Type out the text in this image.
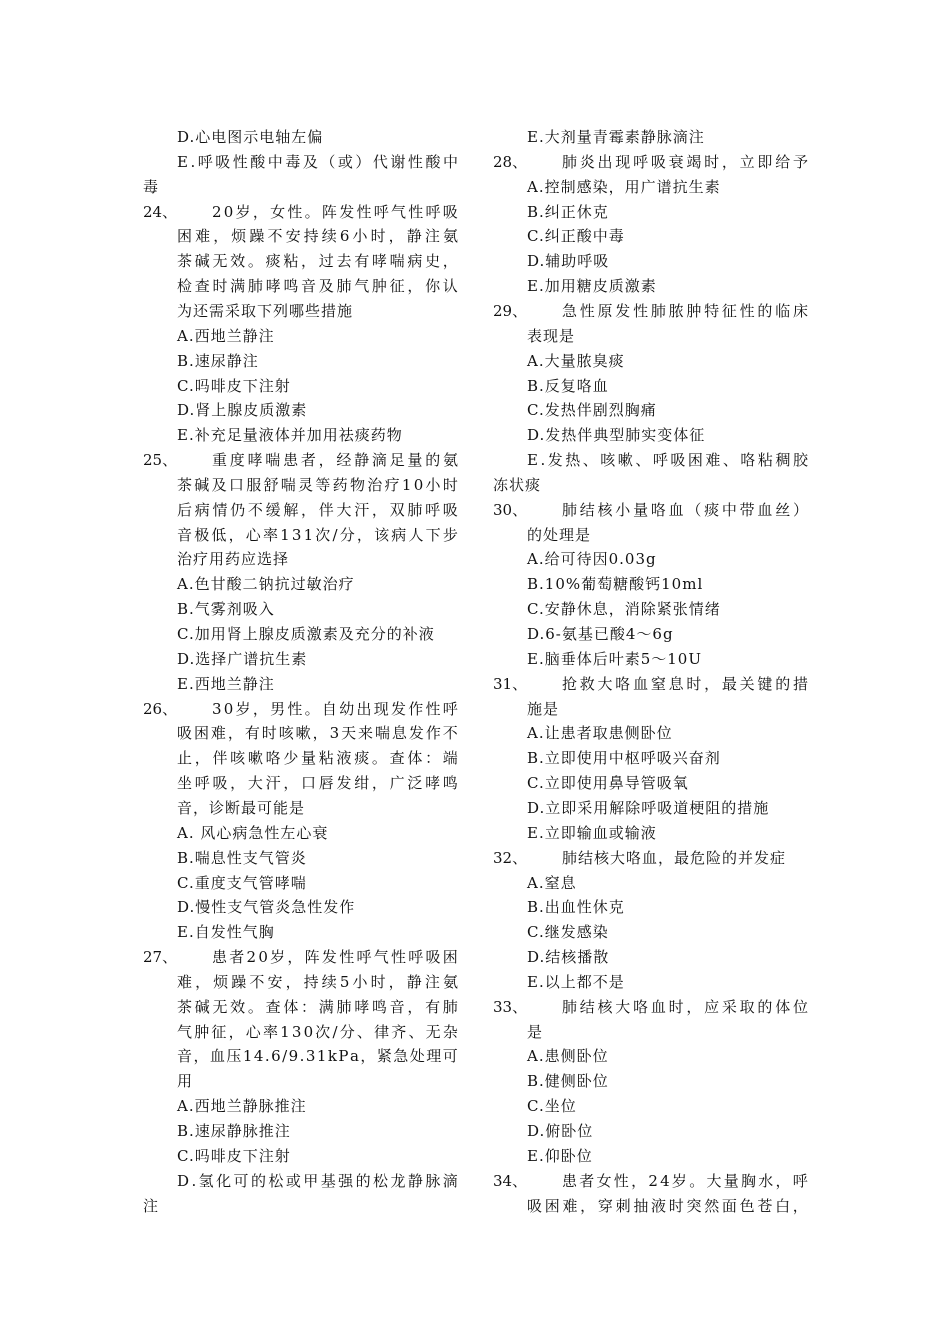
D.心电图示电轴左偏
E . 呼 吸 性 酸 中 毒 及 （ 或 ） 代 谢 性 酸 中
毒
24、 2 0 岁 ， 女 性 。 阵 发 性 呼 气 性 呼 吸
困 难 ， 烦 躁 不 安 持 续 6 小 时 ， 静 注 氨
茶 碱 无 效 。 痰 粘 ， 过 去 有 哮 喘 病 史 ，
检 查 时 满 肺 哮 鸣 音 及 肺 气 肿 征 ， 你 认
为还需采取下列哪些措施
A.西地兰静注
B.速尿静注
C.吗啡皮下注射
D.肾上腺皮质激素
E.补充足量液体并加用祛痰药物
25、 重 度 哮 喘 患 者 ， 经 静 滴 足 量 的 氨
茶 碱 及 口 服 舒 喘 灵 等 药 物 治 疗 1 0 小 时
后 病 情 仍 不 缓 解 ， 伴 大 汗 ， 双 肺 呼 吸
音 极 低 ， 心 率 1 3 1 次 / 分 ， 该 病 人 下 步
治疗用药应选择
A.色甘酸二钠抗过敏治疗
B.气雾剂吸入
C.加用肾上腺皮质激素及充分的补液
D.选择广谱抗生素
E.西地兰静注
26、 3 0 岁 ， 男 性 。 自 幼 出 现 发 作 性 呼
吸 困 难 ， 有 时 咳 嗽 ， 3 天 来 喘 息 发 作 不
止 ， 伴 咳 嗽 咯 少 量 粘 液 痰 。 查 体 ： 端
坐 呼 吸 ， 大 汗 ， 口 唇 发 绀 ， 广 泛 哮 鸣
音，诊断最可能是
A. 风心病急性左心衰
B.喘息性支气管炎
C.重度支气管哮喘
D.慢性支气管炎急性发作
E.自发性气胸
27、 患 者 2 0 岁 ， 阵 发 性 呼 气 性 呼 吸 困
难 ， 烦 躁 不 安 ， 持 续 5 小 时 ， 静 注 氨
茶 碱 无 效 。 查 体 ： 满 肺 哮 鸣 音 ， 有 肺
气 肿 征 ， 心 率 1 3 0 次 / 分 、 律 齐 、 无 杂
音 ， 血 压 1 4 . 6 / 9 . 3 1 k P a ， 紧 急 处 理 可
用
A.西地兰静脉推注
B.速尿静脉推注
C.吗啡皮下注射
D . 氢 化 可 的 松 或 甲 基 强 的 松 龙 静 脉 滴
注
E.大剂量青霉素静脉滴注
28、 肺 炎 出 现 呼 吸 衰 竭 时 ， 立 即 给 予
A.控制感染，用广谱抗生素
B.纠正休克
C.纠正酸中毒
D.辅助呼吸
E.加用糖皮质激素
29、 急 性 原 发 性 肺 脓 肿 特 征 性 的 临 床
表现是
A.大量脓臭痰
B.反复咯血
C.发热伴剧烈胸痛
D.发热伴典型肺实变体征
E . 发 热 、 咳 嗽 、 呼 吸 困 难 、 咯 粘 稠 胶
冻状痰
30、 肺 结 核 小 量 咯 血 （ 痰 中 带 血 丝 ）
的处理是
A.给可待因0.03g
B.10%葡萄糖酸钙10ml
C.安静休息，消除紧张情绪
D.6-氨基已酸4～6g
E.脑垂体后叶素5～10U
31、 抢 救 大 咯 血 窒 息 时 ， 最 关 键 的 措
施是
A.让患者取患侧卧位
B.立即使用中枢呼吸兴奋剂
C.立即使用鼻导管吸氧
D.立即采用解除呼吸道梗阻的措施
E.立即输血或输液
32、 肺结核大咯血，最危险的并发症
A.窒息
B.出血性休克
C.继发感染
D.结核播散
E.以上都不是
33、 肺 结 核 大 咯 血 时 ， 应 采 取 的 体 位
是
A.患侧卧位
B.健侧卧位
C.坐位
D.俯卧位
E.仰卧位
34、 患 者 女 性 ， 2 4 岁 。 大 量 胸 水 ， 呼
吸 困 难 ， 穿 刺 抽 液 时 突 然 面 色 苍 白 ，
